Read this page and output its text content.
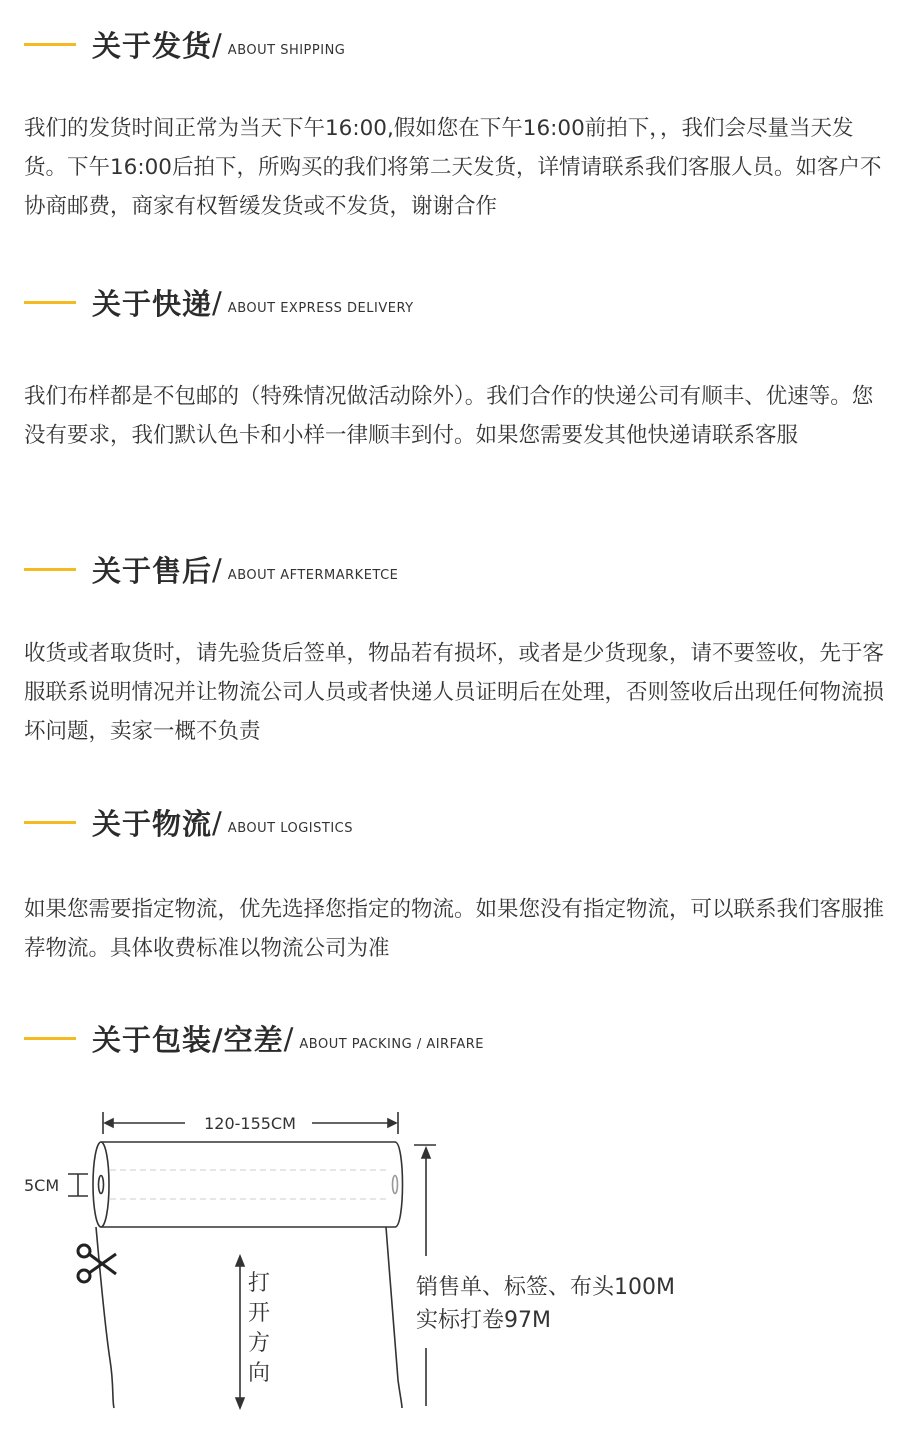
关于发货 / ABOUT SHIPPING

我们的发货时间正常为当天下午16:00,假如您在下午16:00前拍下，，我们会尽量当天发货。下午16:00后拍下，所购买的我们将第二天发货，详情请联系我们客服人员。如客户不协商邮费，商家有权暂缓发货或不发货，谢谢合作

关于快递 / ABOUT EXPRESS DELIVERY

我们布样都是不包邮的（特殊情况做活动除外）。我们合作的快递公司有顺丰、优速等。您没有要求，我们默认色卡和小样一律顺丰到付。如果您需要发其他快递请联系客服

关于售后 / ABOUT AFTERMARKETCE

收货或者取货时，请先验货后签单，物品若有损坏，或者是少货现象，请不要签收，先于客服联系说明情况并让物流公司人员或者快递人员证明后在处理，否则签收后出现任何物流损坏问题，卖家一概不负责

关于物流 / ABOUT LOGISTICS

如果您需要指定物流，优先选择您指定的物流。如果您没有指定物流，可以联系我们客服推荐物流。具体收费标准以物流公司为准

关于包装/空差 / ABOUT PACKING / AIRFARE
120-155CM
5CM
打
开
方
向
销售单、标签、布头100M
实标打卷97M
